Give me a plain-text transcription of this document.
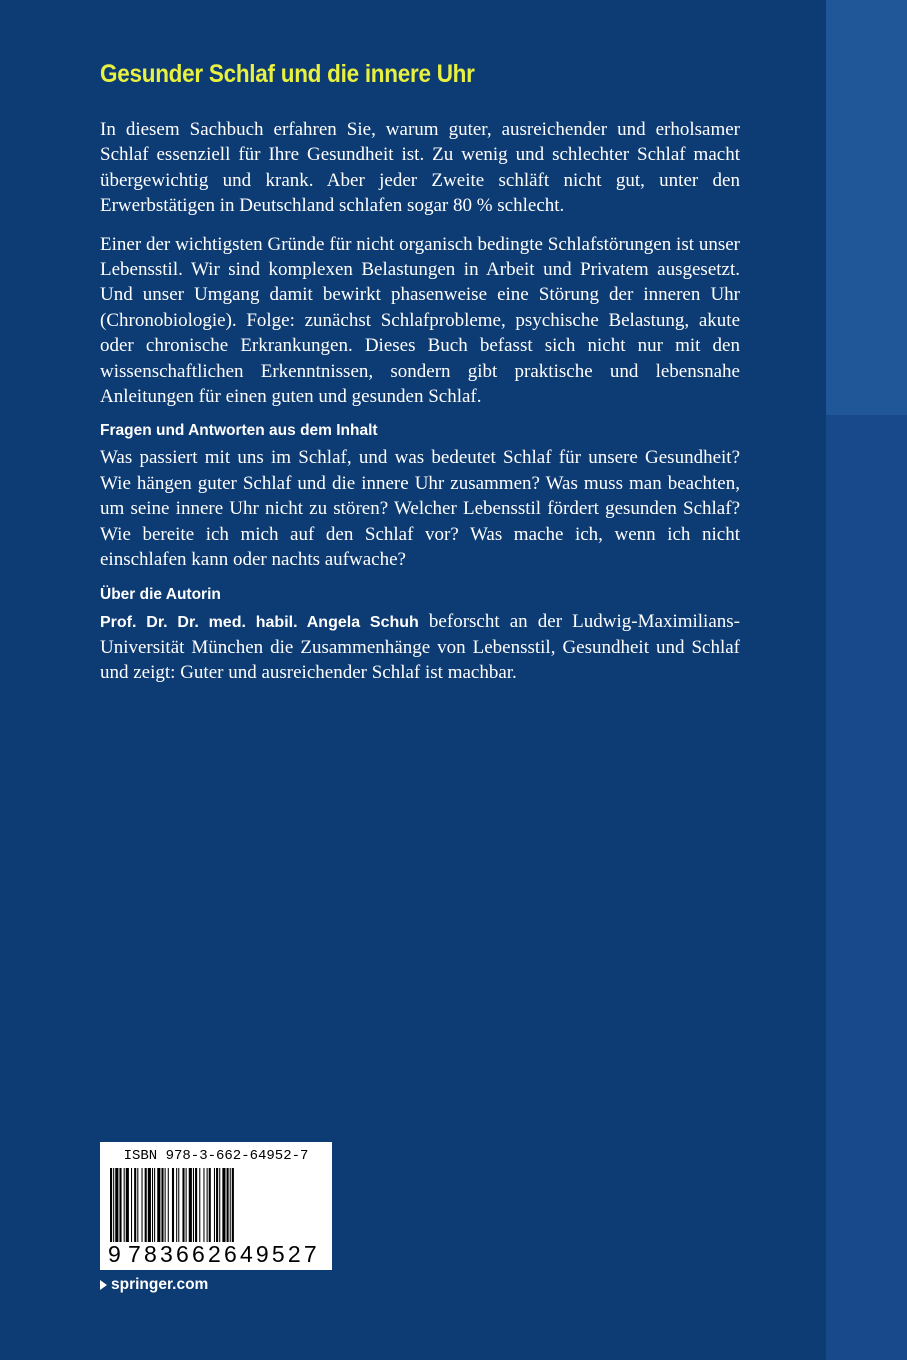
Gesunder Schlaf und die innere Uhr

In diesem Sachbuch erfahren Sie, warum guter, ausreichender und erholsamer Schlaf essenziell für Ihre Gesundheit ist. Zu wenig und schlechter Schlaf macht übergewichtig und krank. Aber jeder Zweite schläft nicht gut, unter den Erwerbstätigen in Deutschland schlafen sogar 80 % schlecht.

Einer der wichtigsten Gründe für nicht organisch bedingte Schlafstörungen ist unser Lebensstil. Wir sind komplexen Belastungen in Arbeit und Privatem ausgesetzt. Und unser Umgang damit bewirkt phasenweise eine Störung der inneren Uhr (Chronobiologie). Folge: zunächst Schlafprobleme, psychische Belastung, akute oder chronische Erkrankungen. Dieses Buch befasst sich nicht nur mit den wissenschaftlichen Erkenntnissen, sondern gibt praktische und lebensnahe Anleitungen für einen guten und gesunden Schlaf.

Fragen und Antworten aus dem Inhalt

Was passiert mit uns im Schlaf, und was bedeutet Schlaf für unsere Gesundheit? Wie hängen guter Schlaf und die innere Uhr zusammen? Was muss man beachten, um seine innere Uhr nicht zu stören? Welcher Lebensstil fördert gesunden Schlaf? Wie bereite ich mich auf den Schlaf vor? Was mache ich, wenn ich nicht einschlafen kann oder nachts aufwache?

Über die Autorin

Prof. Dr. Dr. med. habil. Angela Schuh beforscht an der Ludwig-Maximilians-Universität München die Zusammenhänge von Lebensstil, Gesundheit und Schlaf und zeigt: Guter und ausreichender Schlaf ist machbar.

ISBN 978-3-662-64952-7
9 783662649527
springer.com
